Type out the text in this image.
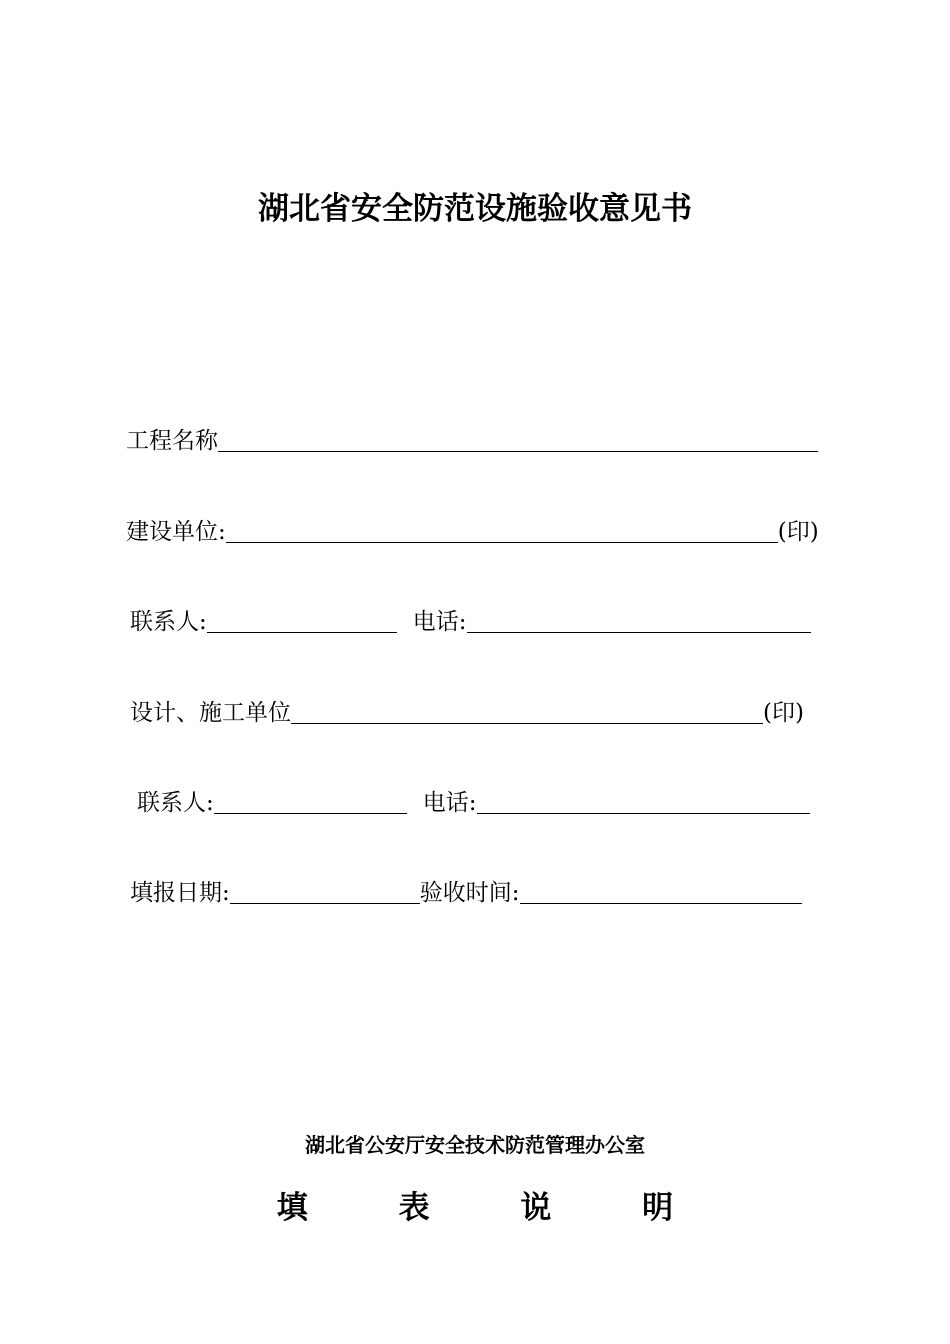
湖北省安全防范设施验收意见书
工程名称
建设单位:	(印)
联系人:	电话:
设计、施工单位	(印)
联系人:	电话:
填报日期:	验收时间:
湖北省公安厅安全技术防范管理办公室
填 表 说 明
